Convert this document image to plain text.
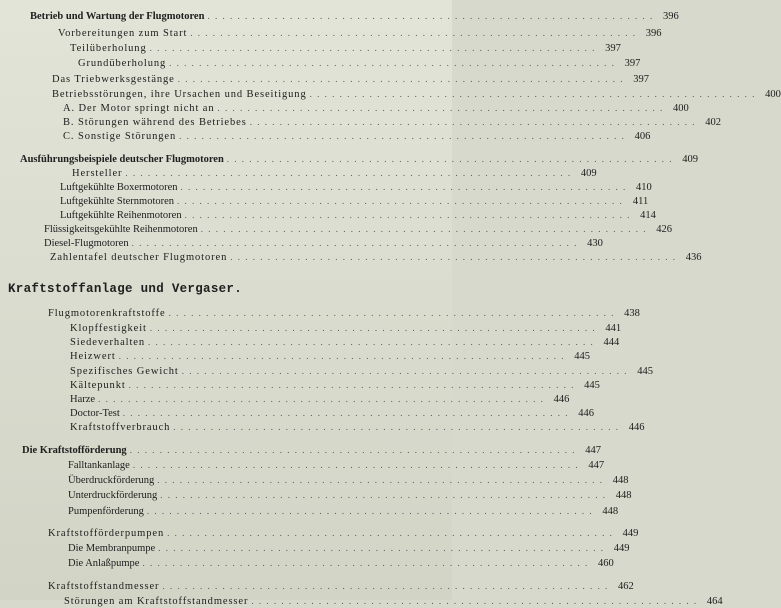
Kraftstoffanlage und Vergaser.
Betrieb und Wartung der Flugmotoren . . . . . . . . . . . . . . . . . . . . . . . . . . . . . . . . . . . . . . . . . . . . . . . . . . . . . . . . . . . . 396
Vorbereitungen zum Start . . . . . . . . . . . . . . . . . . . . . . . . . . . . . . . . . . . . . . . . . . . . . . . . . . . . . . . . . . . . 396
Teilüberholung . . . . . . . . . . . . . . . . . . . . . . . . . . . . . . . . . . . . . . . . . . . . . . . . . . . . . . . . . . . . 397
Grundüberholung . . . . . . . . . . . . . . . . . . . . . . . . . . . . . . . . . . . . . . . . . . . . . . . . . . . . . . . . . . . . 397
Das Triebwerksgestänge . . . . . . . . . . . . . . . . . . . . . . . . . . . . . . . . . . . . . . . . . . . . . . . . . . . . . . . . . . . . 397
Betriebsstörungen, ihre Ursachen und Beseitigung . . . . . . . . . . . . . . . . . . . . . . . . . . . . . . . . . . . . . . . . . . . . . . . . . . . . . . . . . . . . 400
A. Der Motor springt nicht an . . . . . . . . . . . . . . . . . . . . . . . . . . . . . . . . . . . . . . . . . . . . . . . . . . . . . . . . . . . . 400
B. Störungen während des Betriebes . . . . . . . . . . . . . . . . . . . . . . . . . . . . . . . . . . . . . . . . . . . . . . . . . . . . . . . . . . . . 402
C. Sonstige Störungen . . . . . . . . . . . . . . . . . . . . . . . . . . . . . . . . . . . . . . . . . . . . . . . . . . . . . . . . . . . . 406
Ausführungsbeispiele deutscher Flugmotoren . . . . . . . . . . . . . . . . . . . . . . . . . . . . . . . . . . . . . . . . . . . . . . . . . . . . . . . . . . . . 409
Hersteller . . . . . . . . . . . . . . . . . . . . . . . . . . . . . . . . . . . . . . . . . . . . . . . . . . . . . . . . . . . . 409
Luftgekühlte Boxermotoren . . . . . . . . . . . . . . . . . . . . . . . . . . . . . . . . . . . . . . . . . . . . . . . . . . . . . . . . . . . . 410
Luftgekühlte Sternmotoren . . . . . . . . . . . . . . . . . . . . . . . . . . . . . . . . . . . . . . . . . . . . . . . . . . . . . . . . . . . . 411
Luftgekühlte Reihenmotoren . . . . . . . . . . . . . . . . . . . . . . . . . . . . . . . . . . . . . . . . . . . . . . . . . . . . . . . . . . . . 414
Flüssigkeitsgekühlte Reihenmotoren . . . . . . . . . . . . . . . . . . . . . . . . . . . . . . . . . . . . . . . . . . . . . . . . . . . . . . . . . . . . 426
Diesel-Flugmotoren . . . . . . . . . . . . . . . . . . . . . . . . . . . . . . . . . . . . . . . . . . . . . . . . . . . . . . . . . . . . 430
Zahlentafel deutscher Flugmotoren . . . . . . . . . . . . . . . . . . . . . . . . . . . . . . . . . . . . . . . . . . . . . . . . . . . . . . . . . . . . 436
Flugmotorenkraftstoffe . . . . . . . . . . . . . . . . . . . . . . . . . . . . . . . . . . . . . . . . . . . . . . . . . . . . . . . . . . . . 438
Klopffestigkeit . . . . . . . . . . . . . . . . . . . . . . . . . . . . . . . . . . . . . . . . . . . . . . . . . . . . . . . . . . . . 441
Siedeverhalten . . . . . . . . . . . . . . . . . . . . . . . . . . . . . . . . . . . . . . . . . . . . . . . . . . . . . . . . . . . . 444
Heizwert . . . . . . . . . . . . . . . . . . . . . . . . . . . . . . . . . . . . . . . . . . . . . . . . . . . . . . . . . . . . 445
Spezifisches Gewicht . . . . . . . . . . . . . . . . . . . . . . . . . . . . . . . . . . . . . . . . . . . . . . . . . . . . . . . . . . . . 445
Kältepunkt . . . . . . . . . . . . . . . . . . . . . . . . . . . . . . . . . . . . . . . . . . . . . . . . . . . . . . . . . . . . 445
Harze . . . . . . . . . . . . . . . . . . . . . . . . . . . . . . . . . . . . . . . . . . . . . . . . . . . . . . . . . . . . 446
Doctor-Test . . . . . . . . . . . . . . . . . . . . . . . . . . . . . . . . . . . . . . . . . . . . . . . . . . . . . . . . . . . . 446
Kraftstoffverbrauch . . . . . . . . . . . . . . . . . . . . . . . . . . . . . . . . . . . . . . . . . . . . . . . . . . . . . . . . . . . . 446
Die Kraftstofförderung . . . . . . . . . . . . . . . . . . . . . . . . . . . . . . . . . . . . . . . . . . . . . . . . . . . . . . . . . . . . 447
Falltankanlage . . . . . . . . . . . . . . . . . . . . . . . . . . . . . . . . . . . . . . . . . . . . . . . . . . . . . . . . . . . . 447
Überdruckförderung . . . . . . . . . . . . . . . . . . . . . . . . . . . . . . . . . . . . . . . . . . . . . . . . . . . . . . . . . . . . 448
Unterdruckförderung . . . . . . . . . . . . . . . . . . . . . . . . . . . . . . . . . . . . . . . . . . . . . . . . . . . . . . . . . . . . 448
Pumpenförderung . . . . . . . . . . . . . . . . . . . . . . . . . . . . . . . . . . . . . . . . . . . . . . . . . . . . . . . . . . . . 448
Kraftstofförderpumpen . . . . . . . . . . . . . . . . . . . . . . . . . . . . . . . . . . . . . . . . . . . . . . . . . . . . . . . . . . . . 449
Die Membranpumpe . . . . . . . . . . . . . . . . . . . . . . . . . . . . . . . . . . . . . . . . . . . . . . . . . . . . . . . . . . . . 449
Die Anlaßpumpe . . . . . . . . . . . . . . . . . . . . . . . . . . . . . . . . . . . . . . . . . . . . . . . . . . . . . . . . . . . . 460
Kraftstoffstandmesser . . . . . . . . . . . . . . . . . . . . . . . . . . . . . . . . . . . . . . . . . . . . . . . . . . . . . . . . . . . . 462
Störungen am Kraftstoffstandmesser . . . . . . . . . . . . . . . . . . . . . . . . . . . . . . . . . . . . . . . . . . . . . . . . . . . . . . . . . . . . 464
